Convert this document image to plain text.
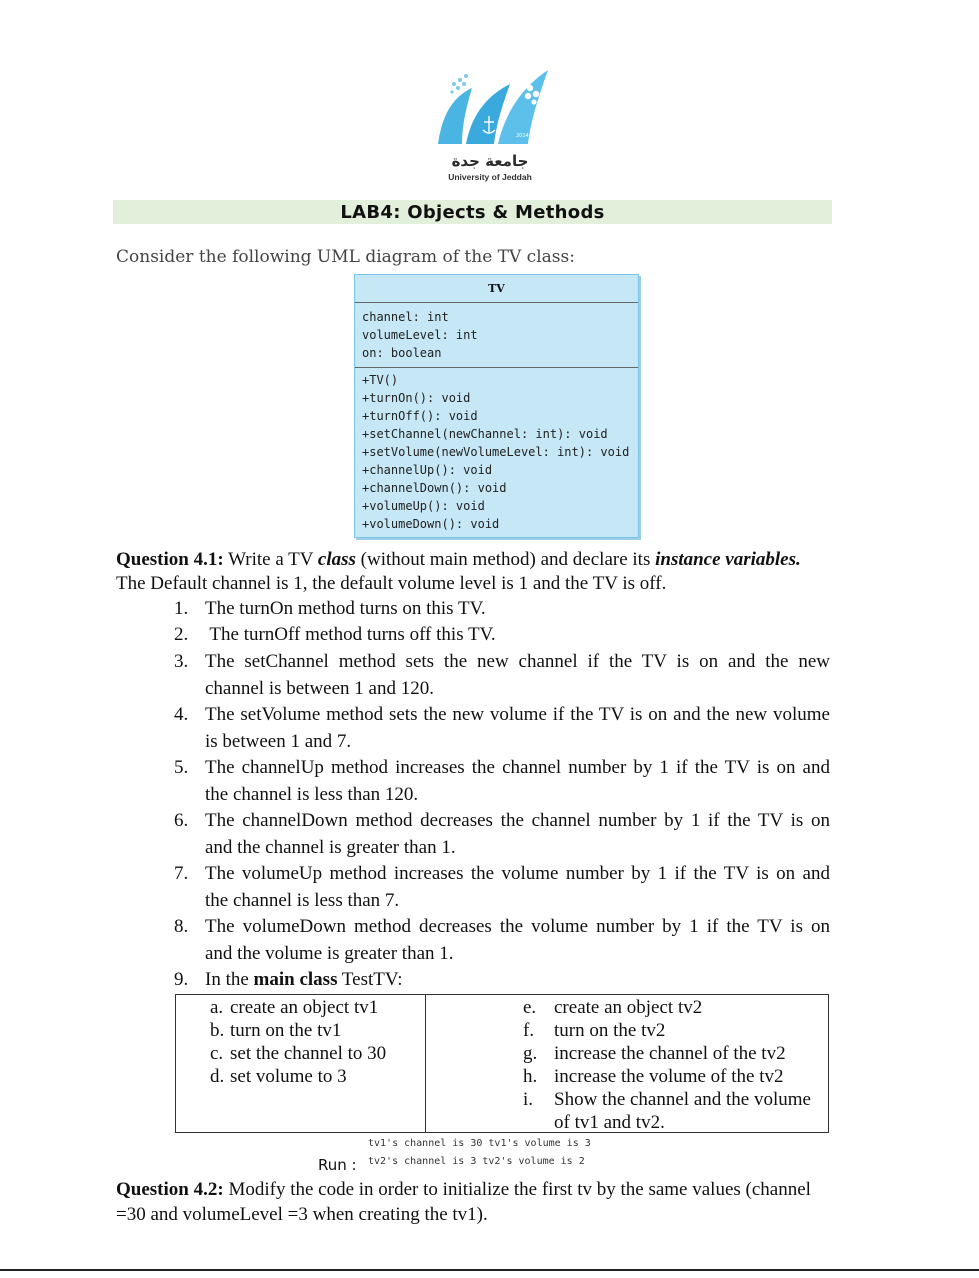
2014
جامعة جدة
University of Jeddah
LAB4: Objects & Methods
Consider the following UML diagram of the TV class:
TV
channel: int
volumeLevel: int
on: boolean
+TV()
+turnOn(): void
+turnOff(): void
+setChannel(newChannel: int): void
+setVolume(newVolumeLevel: int): void
+channelUp(): void
+channelDown(): void
+volumeUp(): void
+volumeDown(): void
Question 4.1: Write a TV class (without main method) and declare its instance variables.
The Default channel is 1, the default volume level is 1 and the TV is off.
1. The turnOn method turns on this TV.
2. The turnOff method turns off this TV.
3. The setChannel method sets the new channel if the TV is on and the new
channel is between 1 and 120.
4. The setVolume method sets the new volume if the TV is on and the new volume
is between 1 and 7.
5. The channelUp method increases the channel number by 1 if the TV is on and
the channel is less than 120.
6. The channelDown method decreases the channel number by 1 if the TV is on
and the channel is greater than 1.
7. The volumeUp method increases the volume number by 1 if the TV is on and
the channel is less than 7.
8. The volumeDown method decreases the volume number by 1 if the TV is on
and the volume is greater than 1.
9. In the main class TestTV:
a. create an object tv1
b. turn on the tv1
c. set the channel to 30
d. set volume to 3
e. create an object tv2
f. turn on the tv2
g. increase the channel of the tv2
h. increase the volume of the tv2
i. Show the channel and the volume
of tv1 and tv2.
tv1's channel is 30 tv1's volume is 3
Run : tv2's channel is 3 tv2's volume is 2
Question 4.2: Modify the code in order to initialize the first tv by the same values (channel
=30 and volumeLevel =3 when creating the tv1).
